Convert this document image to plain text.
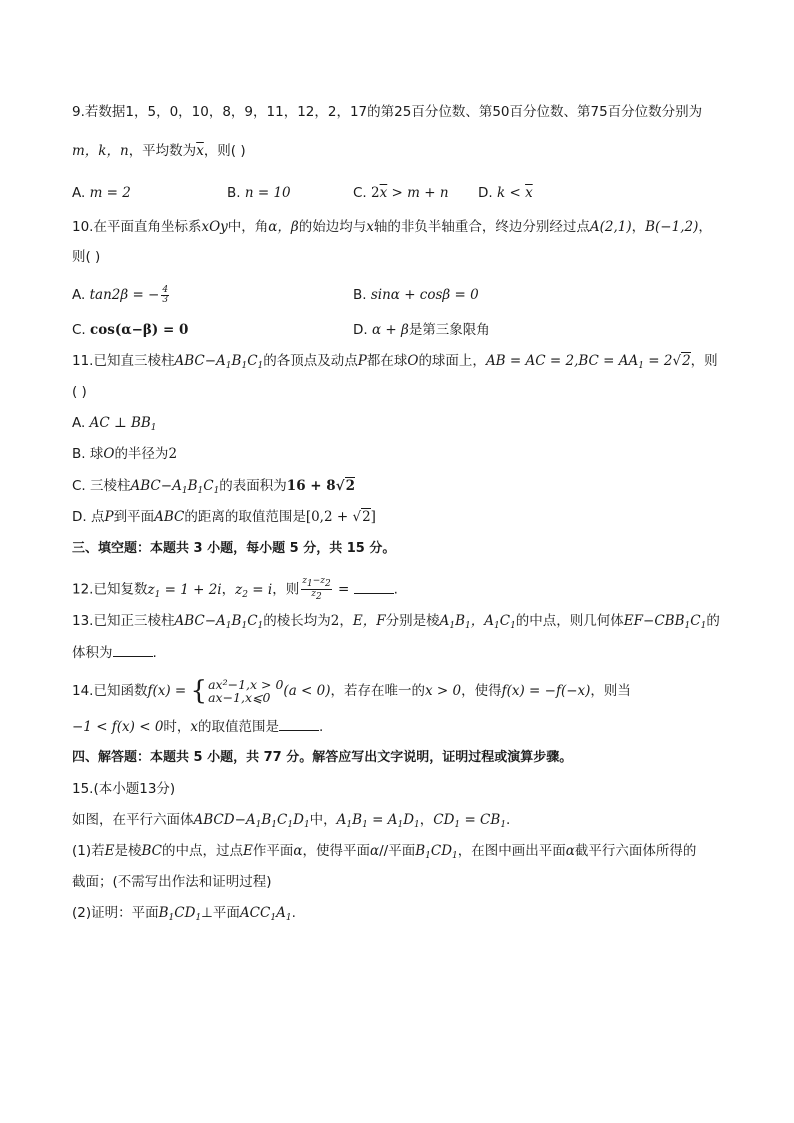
9.若数据1，5，0，10，8，9，11，12，2，17的第25百分位数、第50百分位数、第75百分位数分别为
m，k，n，平均数为$\overline{x}$，则( )
A. m = 2	B. n = 10	C. $2\overline{x} > m + n$ D. $k < \overline{x}$
10.在平面直角坐标系xOy中，角α，β的始边均与x轴的非负半轴重合，终边分别经过点A(2,1)，B(−1,2)，
则( )
A. tan2β = − $\frac{4}{3}$	B. sinα + cosβ = 0
C. cos(α−β) = 0	D. α + β是第三象限角
11.已知直三棱柱$ABC-A_1B_1C_1$的各顶点及动点P都在球O的球面上，AB = AC = $2,BC = AA_1 = 2√2$，则
( )
A. AC ⊥ $BB_1$
B. 球O的半径为2
C. 三棱柱$ABC-A_1B_1C_1$的表面积为16 + 8√2
D. 点P到平面ABC的距离的取值范围是[0,2 + √2]
三、填空题：本题共 3 小题，每小题 5 分，共 15 分。
12.已知复数$z_1 = 1 + 2i$，$z_2 = i$，则 $\frac{z_1-z_2}{z_2}$ =	.
13.已知正三棱柱$ABC-A_1B_1C_1$的棱长均为2，E，F分别是棱$A_1B_1$，$A_1C_1$的中点，则几何体$EF-CBB_1C_1$的
体积为	.
14.已知函数f(x) = { ax²−1,x > 0
ax−1,x⩽0 (a < 0)，若存在唯一的x > 0，使得f(x) = −f(−x)，则当
−1 < f(x) < 0时，x的取值范围是	.
四、解答题：本题共 5 小题，共 77 分。解答应写出文字说明，证明过程或演算步骤。
15.(本小题13分)
如图，在平行六面体$ABCD-A_1B_1C_1D_1$中，$A_1B_1 = A_1D_1$，$CD_1 = CB_1$.
(1)若E是棱BC的中点，过点E作平面α，使得平面α//平面$B_1CD_1$，在图中画出平面α截平行六面体所得的
截面；(不需写出作法和证明过程)
(2)证明：平面$B_1CD_1\perp$平面$ACC_1A_1$.
